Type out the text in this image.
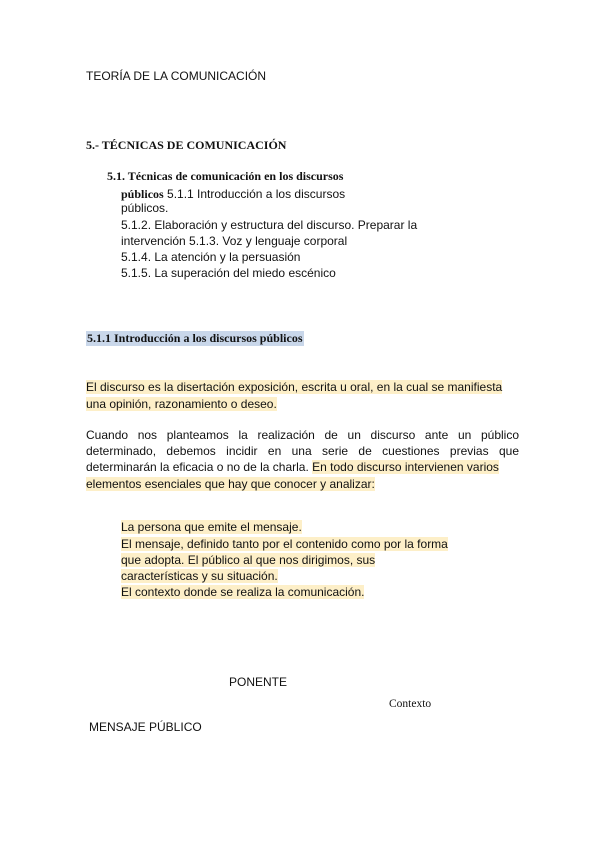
TEORÍA DE LA COMUNICACIÓN
5.- TÉCNICAS DE COMUNICACIÓN
5.1. Técnicas de comunicación en los discursos
públicos 5.1.1 Introducción a los discursos
públicos.
5.1.2. Elaboración y estructura del discurso. Preparar la
intervención 5.1.3. Voz y lenguaje corporal
5.1.4. La atención y la persuasión
5.1.5. La superación del miedo escénico
5.1.1 Introducción a los discursos públicos
El discurso es la disertación exposición, escrita u oral, en la cual se manifiesta
una opinión, razonamiento o deseo.
Cuando nos planteamos la realización de un discurso ante un público
determinado, debemos incidir en una serie de cuestiones previas que
determinarán la eficacia o no de la charla. En todo discurso intervienen varios
elementos esenciales que hay que conocer y analizar:
La persona que emite el mensaje.
El mensaje, definido tanto por el contenido como por la forma
que adopta. El público al que nos dirigimos, sus
características y su situación.
El contexto donde se realiza la comunicación.
PONENTE
Contexto
MENSAJE PÚBLICO
